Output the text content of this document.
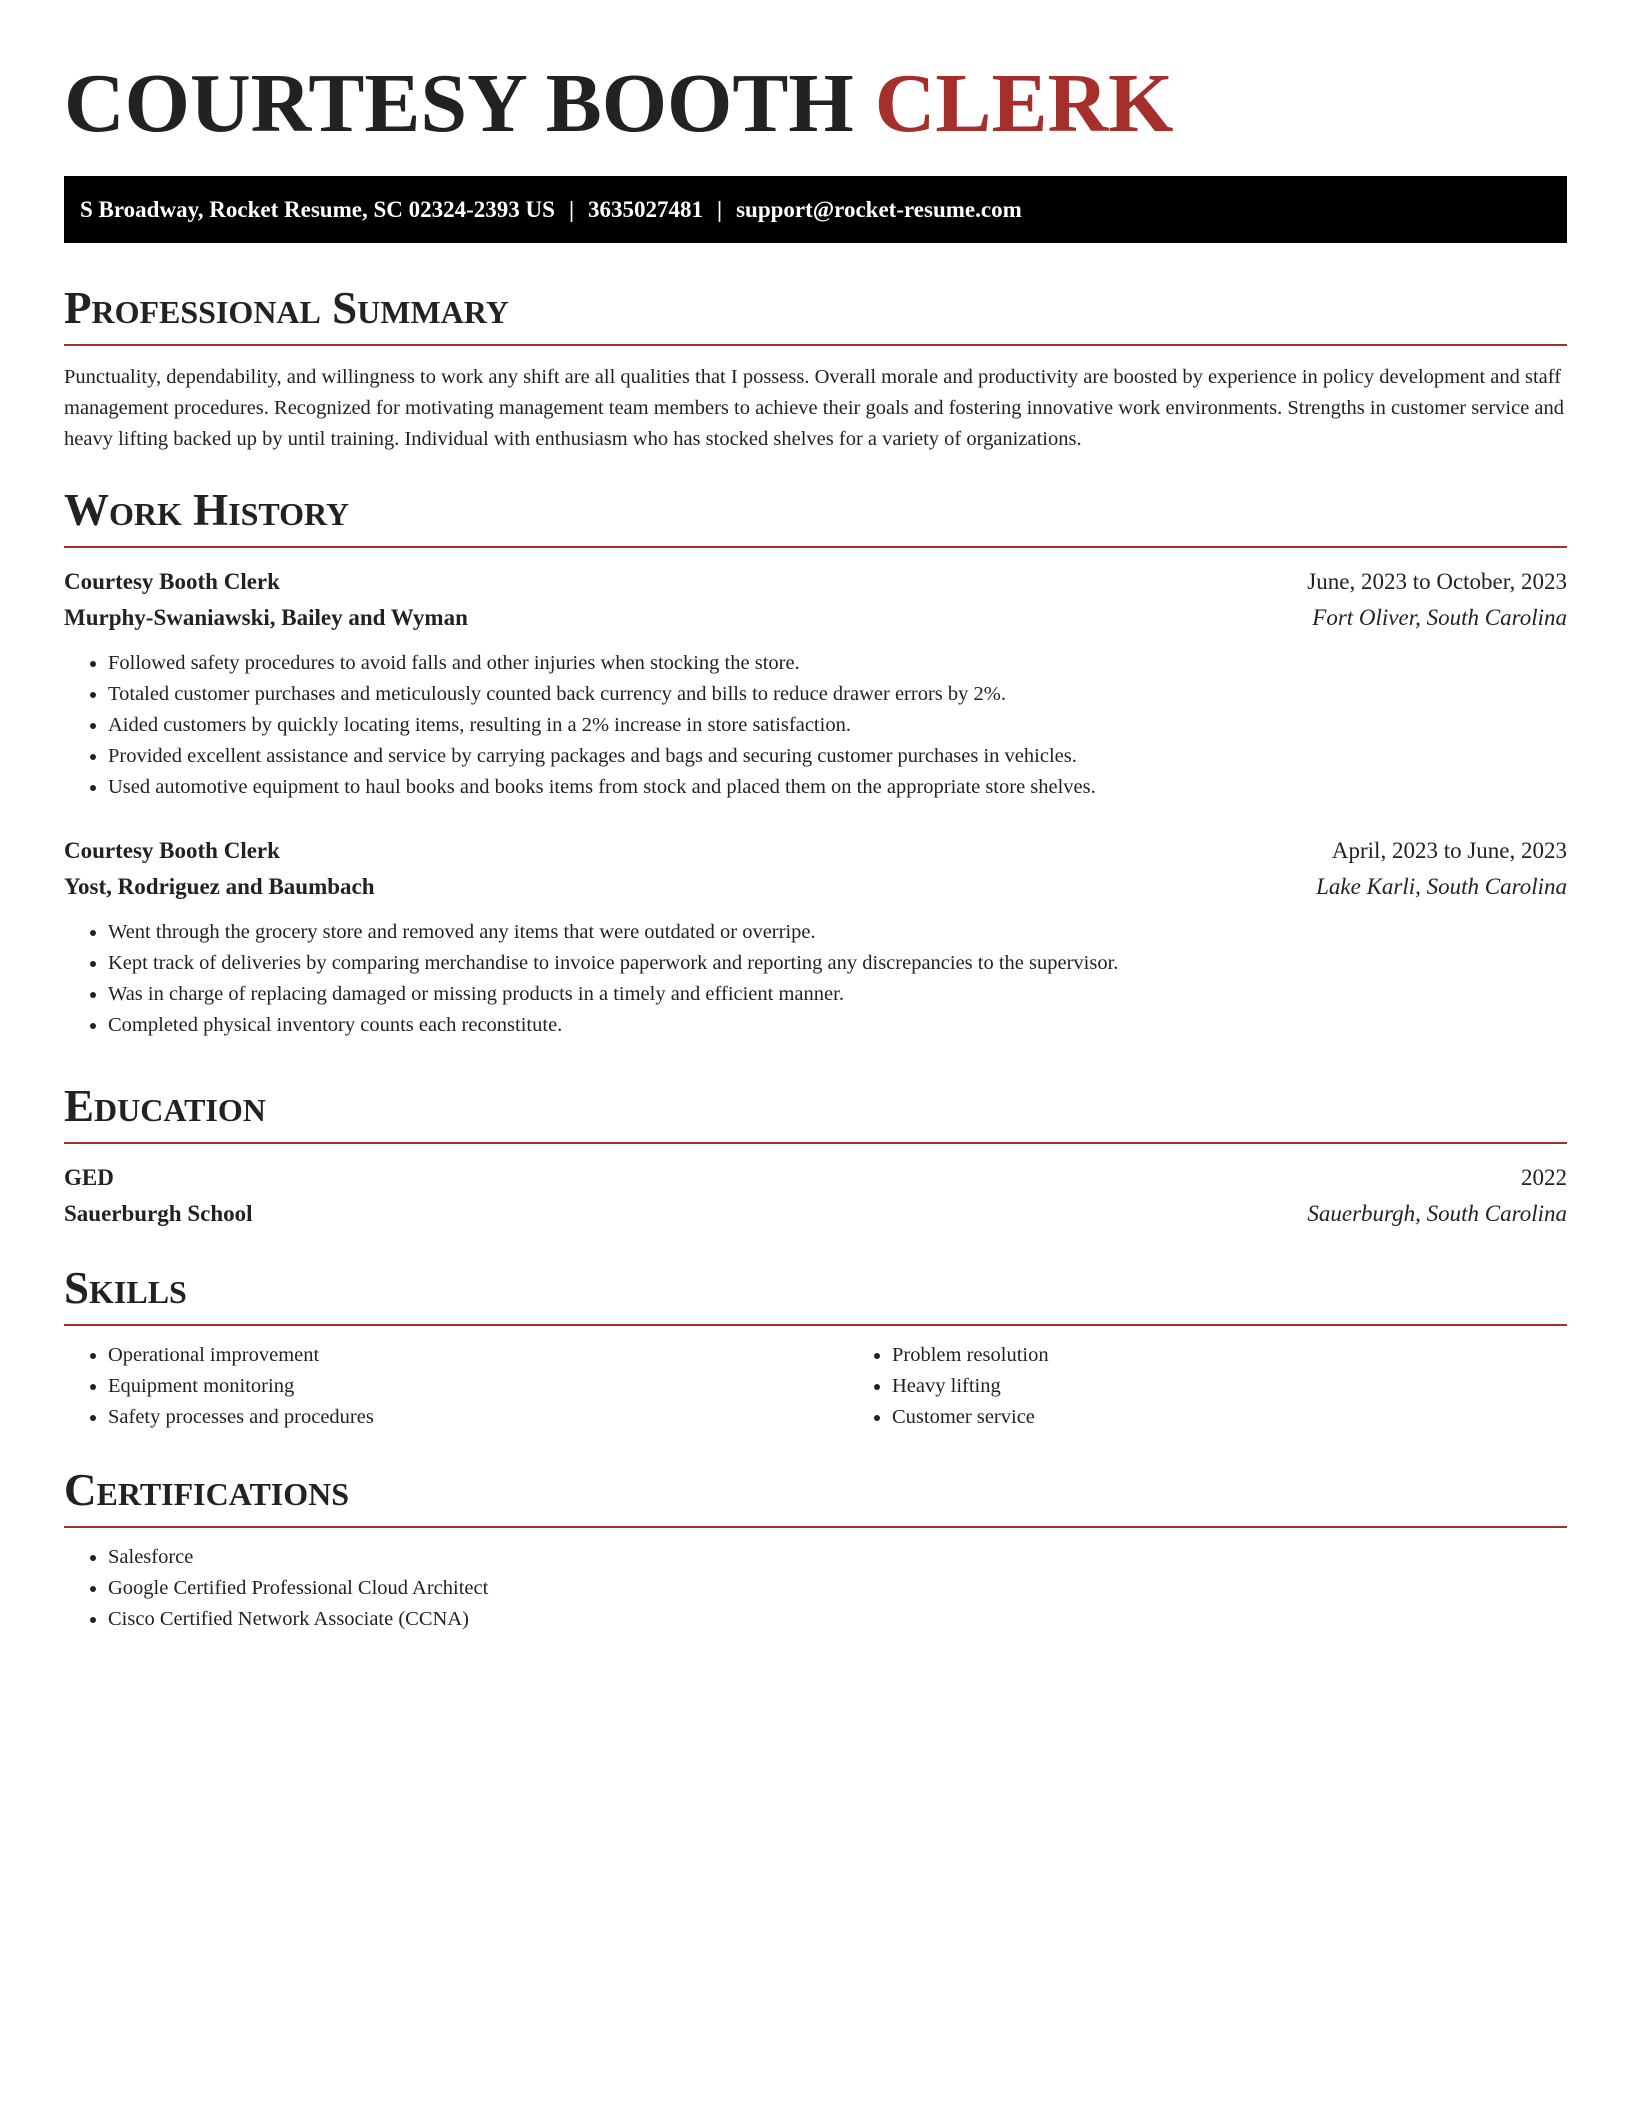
COURTESY BOOTH CLERK
S Broadway, Rocket Resume, SC 02324-2393 US | 3635027481 | support@rocket-resume.com
Professional Summary
Punctuality, dependability, and willingness to work any shift are all qualities that I possess. Overall morale and productivity are boosted by experience in policy development and staff management procedures. Recognized for motivating management team members to achieve their goals and fostering innovative work environments. Strengths in customer service and heavy lifting backed up by until training. Individual with enthusiasm who has stocked shelves for a variety of organizations.
Work History
Courtesy Booth Clerk	June, 2023 to October, 2023
Murphy-Swaniawski, Bailey and Wyman	Fort Oliver, South Carolina
• Followed safety procedures to avoid falls and other injuries when stocking the store.
• Totaled customer purchases and meticulously counted back currency and bills to reduce drawer errors by 2%.
• Aided customers by quickly locating items, resulting in a 2% increase in store satisfaction.
• Provided excellent assistance and service by carrying packages and bags and securing customer purchases in vehicles.
• Used automotive equipment to haul books and books items from stock and placed them on the appropriate store shelves.
Courtesy Booth Clerk	April, 2023 to June, 2023
Yost, Rodriguez and Baumbach	Lake Karli, South Carolina
• Went through the grocery store and removed any items that were outdated or overripe.
• Kept track of deliveries by comparing merchandise to invoice paperwork and reporting any discrepancies to the supervisor.
• Was in charge of replacing damaged or missing products in a timely and efficient manner.
• Completed physical inventory counts each reconstitute.
Education
GED	2022
Sauerburgh School	Sauerburgh, South Carolina
Skills
• Operational improvement
• Equipment monitoring
• Safety processes and procedures
• Problem resolution
• Heavy lifting
• Customer service
Certifications
• Salesforce
• Google Certified Professional Cloud Architect
• Cisco Certified Network Associate (CCNA)
